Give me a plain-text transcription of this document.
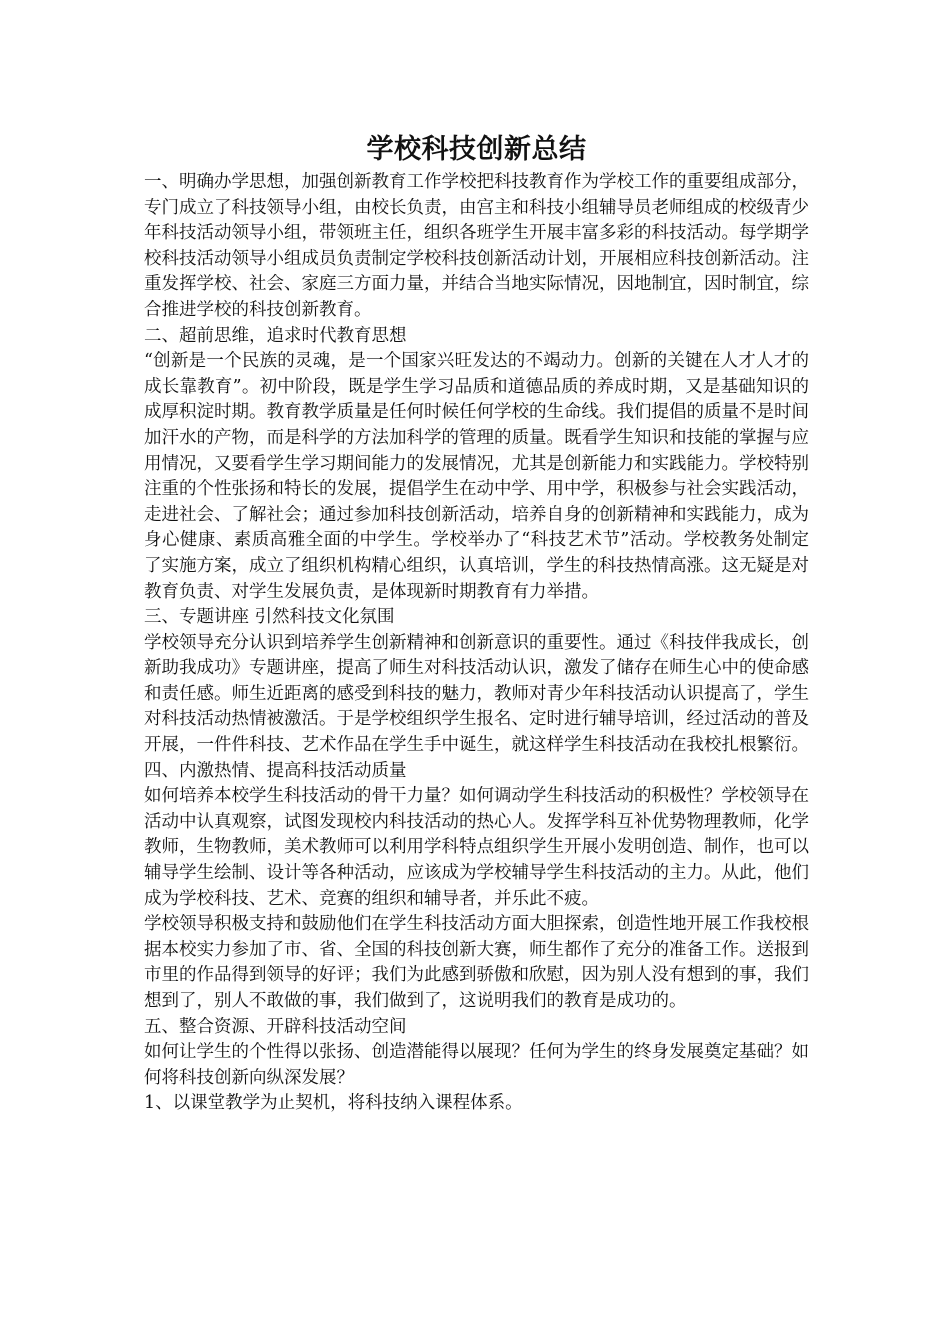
学校科技创新总结

一、明确办学思想，加强创新教育工作学校把科技教育作为学校工作的重要组成部分，专门成立了科技领导小组，由校长负责，由宫主和科技小组辅导员老师组成的校级青少年科技活动领导小组，带领班主任，组织各班学生开展丰富多彩的科技活动。每学期学校科技活动领导小组成员负责制定学校科技创新活动计划，开展相应科技创新活动。注重发挥学校、社会、家庭三方面力量，并结合当地实际情况，因地制宜，因时制宜，综合推进学校的科技创新教育。

二、超前思维，追求时代教育思想

“创新是一个民族的灵魂，是一个国家兴旺发达的不竭动力。创新的关键在人才人才的成长靠教育”。初中阶段，既是学生学习品质和道德品质的养成时期，又是基础知识的成厚积淀时期。教育教学质量是任何时候任何学校的生命线。我们提倡的质量不是时间加汗水的产物，而是科学的方法加科学的管理的质量。既看学生知识和技能的掌握与应用情况，又要看学生学习期间能力的发展情况，尤其是创新能力和实践能力。学校特别注重的个性张扬和特长的发展，提倡学生在动中学、用中学，积极参与社会实践活动，走进社会、了解社会；通过参加科技创新活动，培养自身的创新精神和实践能力，成为身心健康、素质高雅全面的中学生。学校举办了“科技艺术节”活动。学校教务处制定了实施方案，成立了组织机构精心组织，认真培训，学生的科技热情高涨。这无疑是对教育负责、对学生发展负责，是体现新时期教育有力举措。

三、专题讲座 引然科技文化氛围

学校领导充分认识到培养学生创新精神和创新意识的重要性。通过《科技伴我成长，创新助我成功》专题讲座，提高了师生对科技活动认识，激发了储存在师生心中的使命感和责任感。师生近距离的感受到科技的魅力，教师对青少年科技活动认识提高了，学生对科技活动热情被激活。于是学校组织学生报名、定时进行辅导培训，经过活动的普及开展，一件件科技、艺术作品在学生手中诞生，就这样学生科技活动在我校扎根繁衍。

四、内激热情、提高科技活动质量

如何培养本校学生科技活动的骨干力量？如何调动学生科技活动的积极性？学校领导在活动中认真观察，试图发现校内科技活动的热心人。发挥学科互补优势物理教师，化学教师，生物教师，美术教师可以利用学科特点组织学生开展小发明创造、制作，也可以辅导学生绘制、设计等各种活动，应该成为学校辅导学生科技活动的主力。从此，他们成为学校科技、艺术、竞赛的组织和辅导者，并乐此不疲。

学校领导积极支持和鼓励他们在学生科技活动方面大胆探索，创造性地开展工作我校根据本校实力参加了市、省、全国的科技创新大赛，师生都作了充分的准备工作。送报到市里的作品得到领导的好评；我们为此感到骄傲和欣慰，因为别人没有想到的事，我们想到了，别人不敢做的事，我们做到了，这说明我们的教育是成功的。

五、整合资源、开辟科技活动空间

如何让学生的个性得以张扬、创造潜能得以展现？任何为学生的终身发展奠定基础？如何将科技创新向纵深发展？

1、以课堂教学为止契机，将科技纳入课程体系。
